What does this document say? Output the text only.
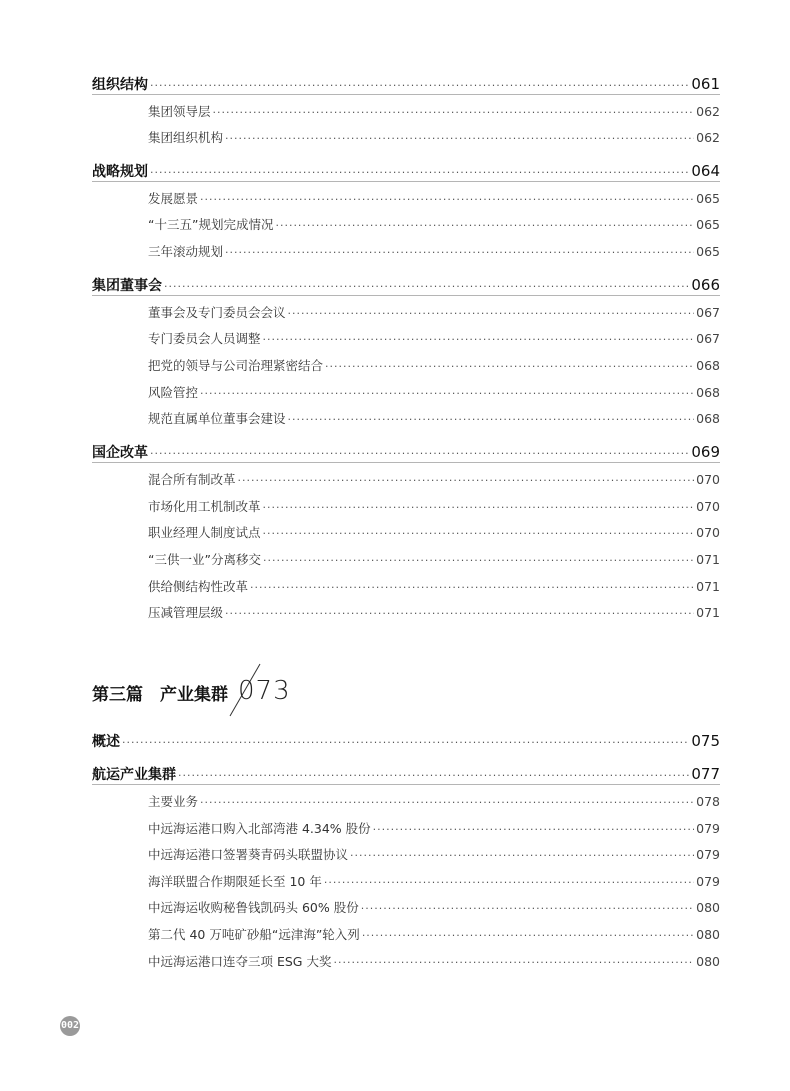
组织结构 ·····	061
集团领导层 ·····	062
集团组织机构 ·····	062
战略规划 ·····	064
发展愿景 ·····	065
“十三五”规划完成情况 ·····	065
三年滚动规划 ·····	065
集团董事会 ·····	066
董事会及专门委员会会议 ·····	067
专门委员会人员调整 ·····	067
把党的领导与公司治理紧密结合 ·····	068
风险管控 ·····	068
规范直属单位董事会建设 ·····	068
国企改革 ·····	069
混合所有制改革 ·····	070
市场化用工机制改革 ·····	070
职业经理人制度试点 ·····	070
“三供一业”分离移交 ·····	071
供给侧结构性改革 ·····	071
压减管理层级 ·····	071
概述 ·····	075
航运产业集群 ·····	077
主要业务 ·····	078
中远海运港口购入北部湾港 4.34% 股份 ·····	079
中远海运港口签署葵青码头联盟协议 ·····	079
海洋联盟合作期限延长至 10 年 ·····	079
中远海运收购秘鲁钱凯码头 60% 股份 ·····	080
第二代 40 万吨矿砂船“远津海”轮入列 ·····	080
中远海运港口连夺三项 ESG 大奖 ·····	080
第三篇　产业集群 073
002
